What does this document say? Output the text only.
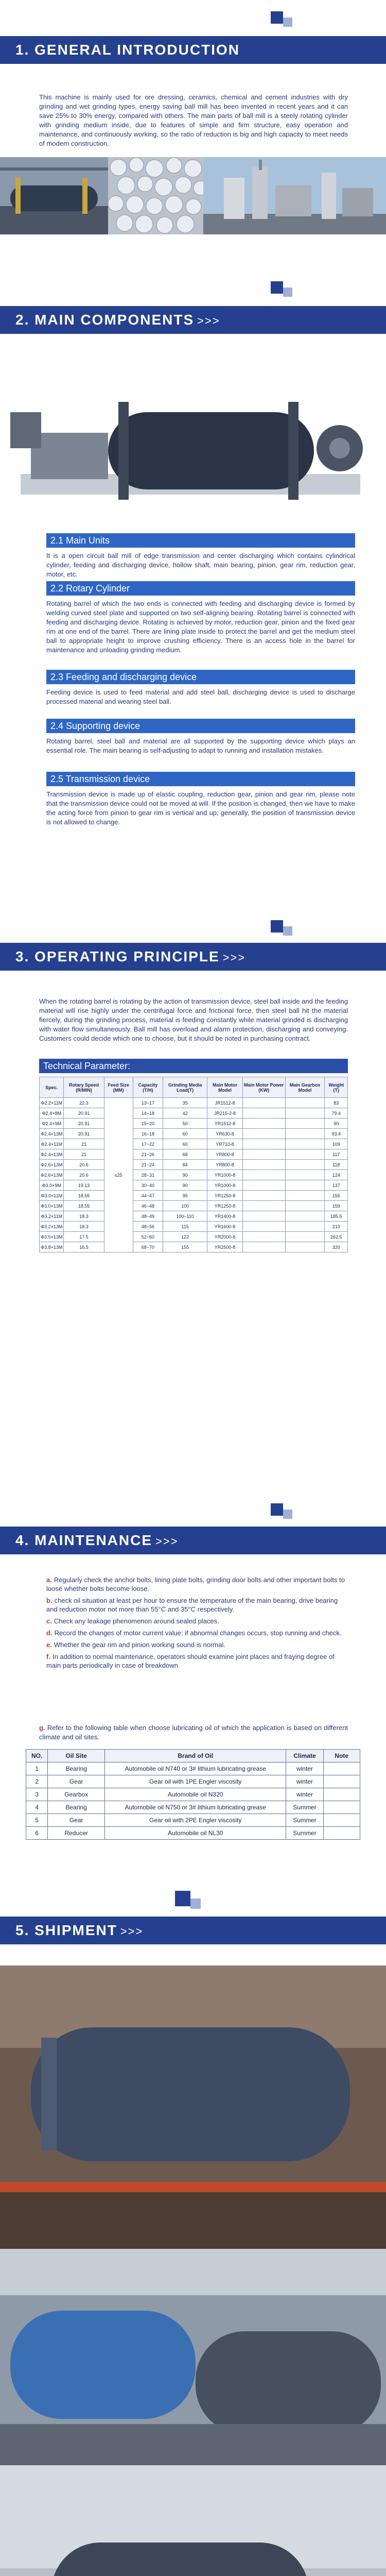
1. GENERAL INTRODUCTION
This machine is mainly used for ore dressing, ceramics, chemical and cement industries with dry grinding and wet grinding types, energy saving ball mill has been invented in recent years and it can save 25% to 30% energy, compared with others. The main parts of ball mill is a steely rotating cylinder with grinding medium inside, due to features of simple and firm structure, easy operation and maintenance, and continuously working, so the ratio of reduction is big and high capacity to meet needs of modern construction.
2. MAIN COMPONENTS >>>
2.1 Main Units
It is a open circuit ball mill of edge transmission and center discharging which contains cylindrical cylinder, feeding and discharging device, hollow shaft, main bearing, pinion, gear rim, reduction gear, motor, etc.
2.2 Rotary Cylinder
Rotating barrel of which the two ends is connected with feeding and discharging device is formed by welding curved steel plate and supported on two self-aligning bearing. Rotating barrel is connected with feeding and discharging device. Rotating is achieved by motor, reduction gear, pinion and the fixed gear rim at one end of the barrel. There are lining plate inside to protect the barrel and get the medium steel ball to appropriate height to improve crushing efficiency. There is an access hole in the barrel for maintenance and unloading grinding medium.
2.3 Feeding and discharging device
Feeding device is used to feed material and add steel ball, discharging device is used to discharge processed material and wearing steel ball.
2.4 Supporting device
Rotating barrel, steel ball and material are all supported by the supporting device which plays an essential role. The main bearing is self-adjusting to adapt to running and installation mistakes.
2.5 Transmission device
Transmission device is made up of elastic coupling, reduction gear, pinion and gear rim, please note that the transmission device could not be moved at will. If the position is changed, then we have to make the acting force from pinion to gear rim is vertical and up; generally, the position of transmission device is not allowed to change.
3. OPERATING PRINCIPLE >>>
When the rotating barrel is rotating by the action of transmission device, steel ball inside and the feeding material will rise highly under the centrifugal force and frictional force, then steel ball hit the material fiercely, during the grinding process, material is feeding constantly while material grinded is discharging with water flow simultaneously. Ball mill has overload and alarm protection, discharging and conveying. Customers could decide which one to choose, but it should be noted in purchasing contract.
Technical Parameter:
Spec.	Rotary Speed (R/MIN)	Feed Size (MM)	Capacity (T/H)	Grinding Media Load(T)	Main Motor Model	Main Motor Power (KW)	Main Gearbox Model	Weight (T)
Φ2.2×11M	22.3	≤25	13~17	35	JR1512-8			83
Φ2.4×8M	20.91		14~18	42	JR215-2-8			79.4
Φ2.4×9M	20.91		15~20	50	YR1512-8			90
Φ2.4×13M	20.91		16~18	60	YR630-8			93.4
Φ2.4×11M	21		17~22	60	YR710-8			109
Φ2.4×13M	21		21~26	68	YR800-8			117
Φ2.6×13M	20.6		21~24	84	YR800-8			118
Φ2.6×13M	20.6		28~31	90	YR1000-8			124
Φ3.0×9M	19.13		30~40	90	YR1000-8			137
Φ3.0×11M	18.55		44~47	95	YR1250-8			156
Φ3.0×13M	18.55		46~48	100	YR1250-8			159
Φ3.2×11M	18.3		48~49	100~110	YR1400-8			185.5
Φ3.2×13M	18.3		48~56	115	YR1600-8			213
Φ3.5×13M	17.5		52~60	122	YR2000-8			262.5
Φ3.8×13M	16.5		68~70	155	YR2500-8			320
4. MAINTENANCE >>>
a. Regularly check the anchor bolts, lining plate bolts, grinding door bolts and other important bolts to loose whether bolts become loose.
b. check oil situation at least per hour to ensure the temperature of the main bearing, drive bearing and reduction motor not more than 55°C and 35°C respectively.
c. Check any leakage phenomenon around sealed places.
d. Record the changes of motor current value: if abnormal changes occurs, stop running and check.
e. Whether the gear rim and pinion working sound is normal.
f. In addition to normal maintenance, operators should examine joint places and fraying degree of main parts periodically in case of breakdown.
g. Refer to the following table when choose lubricating oil of which the application is based on different climate and oil sites.
NO.	Oil Site	Brand of Oil	Climate	Note
1	Bearing	Automobile oil N740 or 3# lithium lubricating grease	winter	
2	Gear	Gear oil with 1PE Engler viscosity	winter	
3	Gearbox	Automobile oil N320	winter	
4	Bearing	Automobile oil N750 or 3# lithium lubricating grease	Summer	
5	Gear	Gear oil with 2PE Engler viscosity	Summer	
6	Reducer	Automobile oil NL30	Summer	
5. SHIPMENT >>>
